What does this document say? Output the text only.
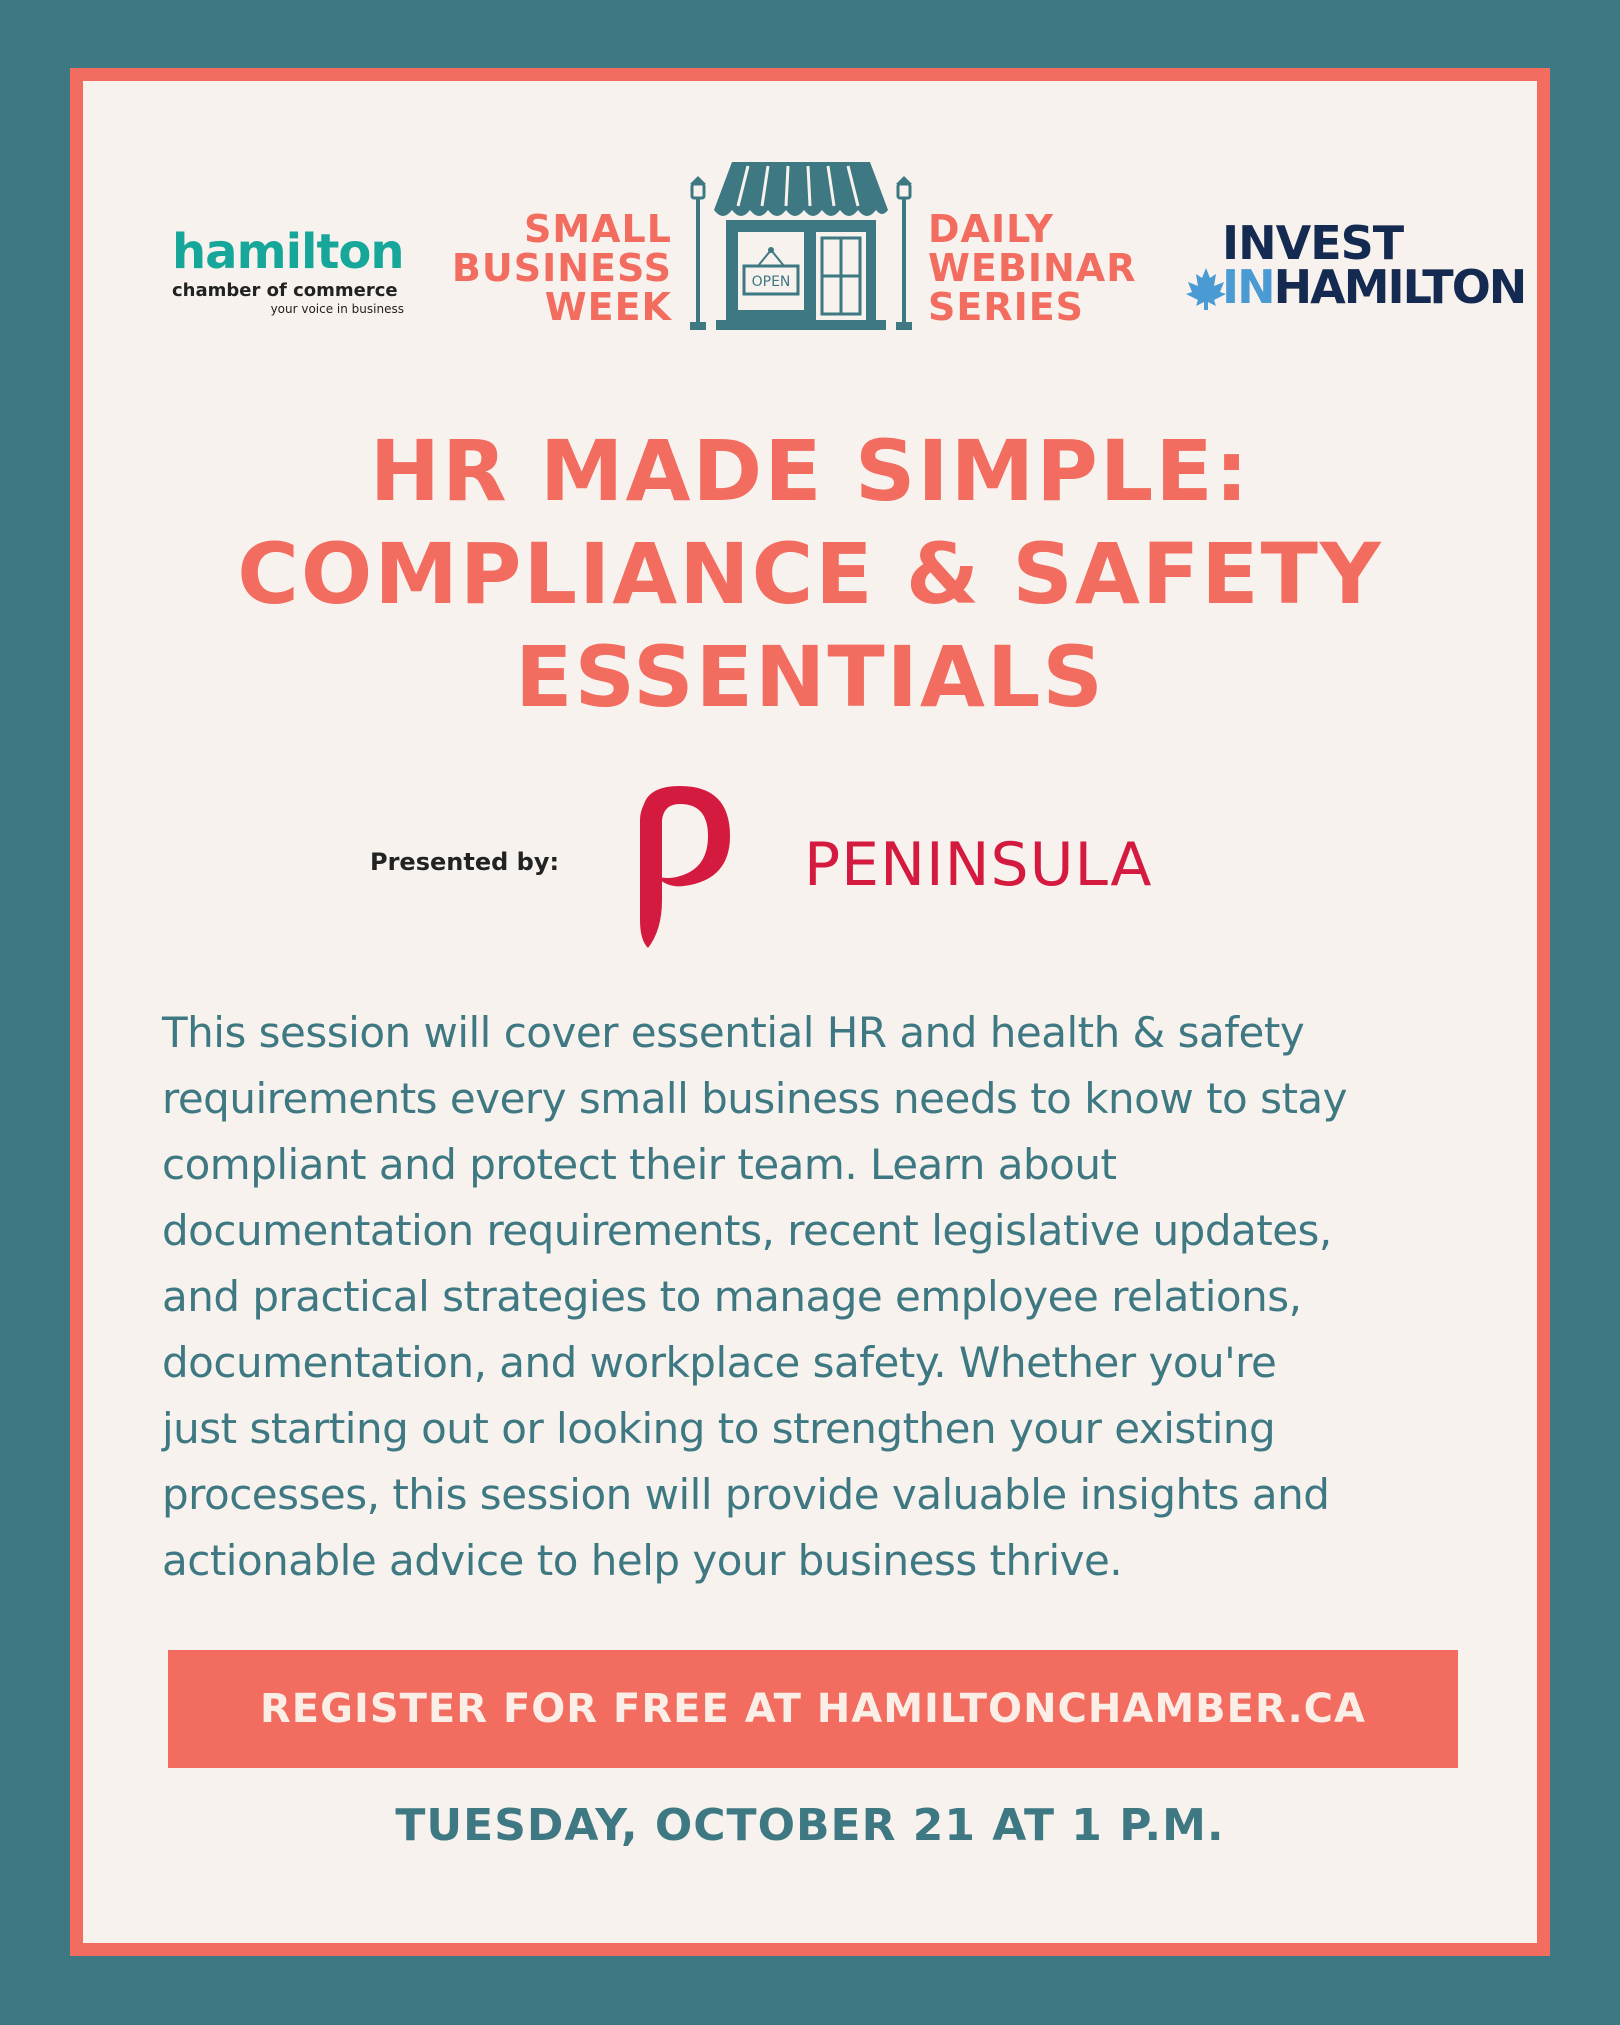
hamilton
chamber of commerce
your voice in business
SMALL
BUSINESS
WEEK
OPEN
DAILY
WEBINAR
SERIES
INVEST
INHAMILTON
HR MADE SIMPLE:
COMPLIANCE & SAFETY
ESSENTIALS
Presented by:	PENINSULA
This session will cover essential HR and health & safety
requirements every small business needs to know to stay
compliant and protect their team. Learn about
documentation requirements, recent legislative updates,
and practical strategies to manage employee relations,
documentation, and workplace safety. Whether you're
just starting out or looking to strengthen your existing
processes, this session will provide valuable insights and
actionable advice to help your business thrive.
REGISTER FOR FREE AT HAMILTONCHAMBER.CA
TUESDAY, OCTOBER 21 AT 1 P.M.
